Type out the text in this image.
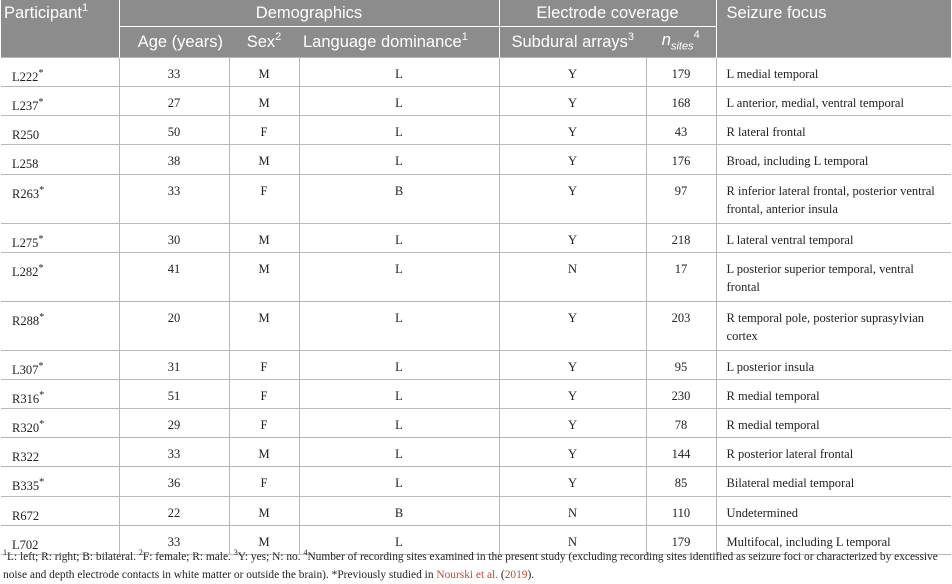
Participant$^1$	Demographics			Electrode coverage		Seizure focus
	Age (years)	Sex$^2$	Language dominance$^1$	Subdural arrays$^3$	$n_{sites}^4$

L222*	33	M	L	Y	179	L medial temporal

L237*	27	M	L	Y	168	L anterior, medial, ventral temporal

R250	50	F	L	Y	43	R lateral frontal

L258	38	M	L	Y	176	Broad, including L temporal

R263*	33	F	B	Y	97	R inferior lateral frontal, posterior ventral frontal, anterior insula

L275*	30	M	L	Y	218	L lateral ventral temporal

L282*	41	M	L	N	17	L posterior superior temporal, ventral frontal

R288*	20	M	L	Y	203	R temporal pole, posterior suprasylvian cortex

L307*	31	F	L	Y	95	L posterior insula

R316*	51	F	L	Y	230	R medial temporal

R320*	29	F	L	Y	78	R medial temporal

R322	33	M	L	Y	144	R posterior lateral frontal

B335*	36	F	L	Y	85	Bilateral medial temporal

R672	22	M	B	N	110	Undetermined

L702	33	M	L	N	179	Multifocal, including L temporal
$^1$L: left; R: right; B: bilateral. $^2$F: female; R: male. $^3$Y: yes; N: no. $^4$Number of recording sites examined in the present study (excluding recording sites identified as seizure foci or characterized by excessive noise and depth electrode contacts in white matter or outside the brain). *Previously studied in Nourski et al. (2019).
